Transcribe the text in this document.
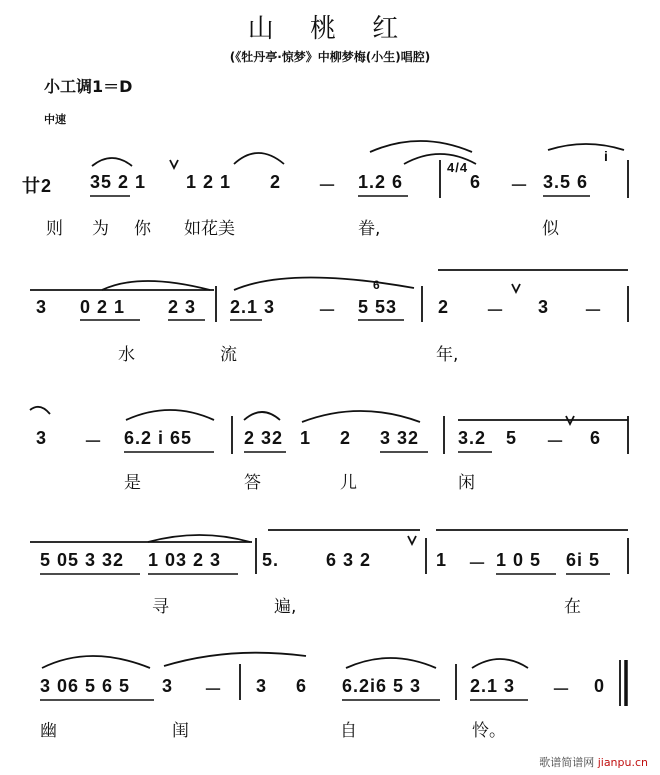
山 桃 红
(《牡丹亭·惊梦》中柳梦梅(小生)唱腔)
小工调1＝D
中速
廿2 35 2 1 1 2 1 2 － 1.2 6
4/4
6 － 3.5 6
i
则 为 你 如花美	眷,	似
3 0 2 1 2 3 2.1 3 － 5 53
6
2 － 3 －
水	流	年,
3 － 6.2 i 65	2 32 1 2 3 32 3.2 5 － 6
是	答	儿	闲
5 05 3 32 1 03 2 3 5.	6 3 2	1 － 1 0 5 6i 5
寻	遍,	在
3 06 5 6 5 3 － 3 6 6.2i6 5 3	2.1 3 － 0
幽	闺	自	怜。
歌谱简谱网 jianpu.cn
